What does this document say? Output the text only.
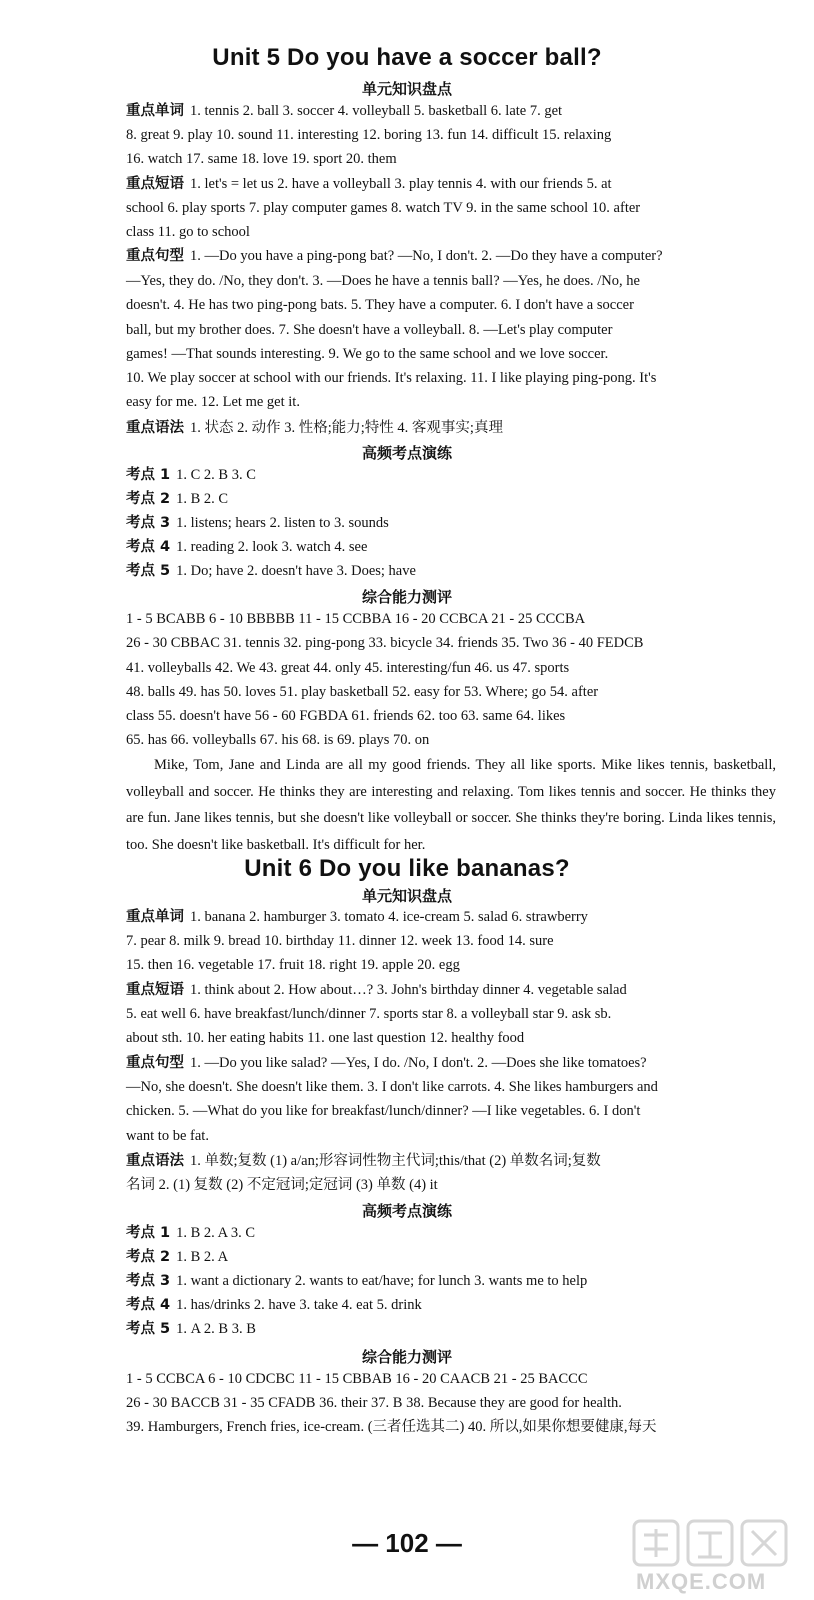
Unit 5 Do you have a soccer ball?
单元知识盘点
重点单词 1. tennis 2. ball 3. soccer 4. volleyball 5. basketball 6. late 7. get
8. great 9. play 10. sound 11. interesting 12. boring 13. fun 14. difficult 15. relaxing
16. watch 17. same 18. love 19. sport 20. them
重点短语 1. let's = let us 2. have a volleyball 3. play tennis 4. with our friends 5. at
school 6. play sports 7. play computer games 8. watch TV 9. in the same school 10. after
class 11. go to school
重点句型 1. —Do you have a ping-pong bat? —No, I don't. 2. —Do they have a computer?
—Yes, they do. /No, they don't. 3. —Does he have a tennis ball? —Yes, he does. /No, he
doesn't. 4. He has two ping-pong bats. 5. They have a computer. 6. I don't have a soccer
ball, but my brother does. 7. She doesn't have a volleyball. 8. —Let's play computer
games! —That sounds interesting. 9. We go to the same school and we love soccer.
10. We play soccer at school with our friends. It's relaxing. 11. I like playing ping-pong. It's
easy for me. 12. Let me get it.
重点语法 1. 状态 2. 动作 3. 性格;能力;特性 4. 客观事实;真理
高频考点演练
考点 1 1. C 2. B 3. C
考点 2 1. B 2. C
考点 3 1. listens; hears 2. listen to 3. sounds
考点 4 1. reading 2. look 3. watch 4. see
考点 5 1. Do; have 2. doesn't have 3. Does; have
综合能力测评
1 - 5 BCABB 6 - 10 BBBBB 11 - 15 CCBBA 16 - 20 CCBCA 21 - 25 CCCBA
26 - 30 CBBAC 31. tennis 32. ping-pong 33. bicycle 34. friends 35. Two 36 - 40 FEDCB
41. volleyballs 42. We 43. great 44. only 45. interesting/fun 46. us 47. sports
48. balls 49. has 50. loves 51. play basketball 52. easy for 53. Where; go 54. after
class 55. doesn't have 56 - 60 FGBDA 61. friends 62. too 63. same 64. likes
65. has 66. volleyballs 67. his 68. is 69. plays 70. on
Mike, Tom, Jane and Linda are all my good friends. They all like sports. Mike likes tennis, basketball, volleyball and soccer. He thinks they are interesting and relaxing. Tom likes tennis and soccer. He thinks they are fun. Jane likes tennis, but she doesn't like volleyball or soccer. She thinks they're boring. Linda likes tennis, too. She doesn't like basketball. It's difficult for her.
Unit 6 Do you like bananas?
单元知识盘点
重点单词 1. banana 2. hamburger 3. tomato 4. ice-cream 5. salad 6. strawberry
7. pear 8. milk 9. bread 10. birthday 11. dinner 12. week 13. food 14. sure
15. then 16. vegetable 17. fruit 18. right 19. apple 20. egg
重点短语 1. think about 2. How about…? 3. John's birthday dinner 4. vegetable salad
5. eat well 6. have breakfast/lunch/dinner 7. sports star 8. a volleyball star 9. ask sb.
about sth. 10. her eating habits 11. one last question 12. healthy food
重点句型 1. —Do you like salad? —Yes, I do. /No, I don't. 2. —Does she like tomatoes?
—No, she doesn't. She doesn't like them. 3. I don't like carrots. 4. She likes hamburgers and
chicken. 5. —What do you like for breakfast/lunch/dinner? —I like vegetables. 6. I don't
want to be fat.
重点语法 1. 单数;复数 (1) a/an;形容词性物主代词;this/that (2) 单数名词;复数
名词 2. (1) 复数 (2) 不定冠词;定冠词 (3) 单数 (4) it
高频考点演练
考点 1 1. B 2. A 3. C
考点 2 1. B 2. A
考点 3 1. want a dictionary 2. wants to eat/have; for lunch 3. wants me to help
考点 4 1. has/drinks 2. have 3. take 4. eat 5. drink
考点 5 1. A 2. B 3. B
综合能力测评
1 - 5 CCBCA 6 - 10 CDCBC 11 - 15 CBBAB 16 - 20 CAACB 21 - 25 BACCC
26 - 30 BACCB 31 - 35 CFADB 36. their 37. B 38. Because they are good for health.
39. Hamburgers, French fries, ice-cream. (三者任选其二) 40. 所以,如果你想要健康,每天
— 102 —
MXQE.COM
